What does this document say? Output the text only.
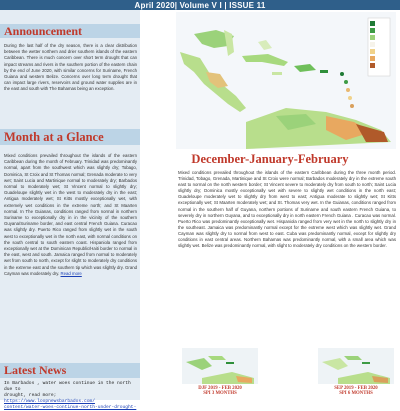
April 2020| Volume V I | ISSUE 11
Announcement
During the last half of the dry season, there is a clear distribution between the wetter northern and drier southern islands of the eastern Caribbean. There is much concern over short term drought that can impact streams and rivers in the southern portion of the eastern chain by the end of June 2020, with similar concerns for Suriname, French Guiana and western Belize. Concerns over long term drought that can impact large rivers, reservoirs and ground water supplies are in the east and south with The Bahamas being an exception.
Month at a Glance
Mixed conditions prevailed throughout the islands of the eastern Caribbean during the month of February. Trinidad was predominantly normal, apart from the southwest which was slightly dry; Tobago, Dominica, St Croix and St Thomas normal; Grenada moderate to very wet; Saint Lucia and Martinique normal to moderately dry; Barbados normal to moderately wet; St Vincent normal to slightly dry; Guadeloupe slightly wet in the west to moderately dry in the east; Antigua moderately wet; St Kitts mostly exceptionally wet, with extremely wet conditions in the extreme north; and St Maarten normal. In The Guianas, conditions ranged from normal in northern Suriname to exceptionally dry in in the vicinity of the southern Guyana/Suriname border, and east central French Guiana. Curacao was slightly dry. Puerto Rico ranged from slightly wet in the south west to exceptionally wet in the north east, with normal conditions on the south central to south eastern coast. Hispaniola ranged from exceptionally wet at the Dominican Republic/Haiti border to normal in the east, west and south. Jamaica ranged from normal to moderately wet from south to north, except for slight to moderately dry conditions in the extreme east and the southern tip which was slightly dry. Grand Cayman was moderately dry. Read more
Latest News
In Barbados , water woes continue in the north due to
drought, read more; https://www.loopnewsbarbados.com/
content/water-woes-continue-north-under-drought-
December-January-February
Mixed conditions prevailed throughout the islands of the eastern Caribbean during the three month period. Trinidad, Tobago, Grenada, Martinique and St Croix were normal; Barbados moderately dry in the extreme south east to normal on the north western border; St Vincent severe to moderately dry from south to north; Saint Lucia slightly dry; Dominica mostly exceptionally wet with severe to slightly wet conditions in the north east; Guadeloupe moderately wet to slightly dry from west to east; Antigua moderate to slightly wet; St Kitts exceptionally wet; St Maarten moderately wet; and St. Thomas very wet. In the Guianas, conditions ranged from normal in the southern half of Guyana, northern portions of Suriname and south eastern French Guiana, to severely dry in northern Guyana, and to exceptionally dry in north eastern French Guiana . Curacao was normal. Puerto Rico was predominantly exceptionally wet. Hispaniola ranged from very wet in the north to slightly dry in the southeast. Jamaica was predominantly normal except for the extreme west which was slightly wet. Grand Cayman was slightly dry to normal from west to east. Cuba was predominantly normal, except for slightly dry conditions in east central areas. Northern Bahamas was predominantly normal, with a small area which was slightly wet. Belize was predominantly normal, with slight to moderately dry conditions on the western border.
DJF 2019 - FEB 2020
SPI 3 MONTHS
SEP 2019 - FEB 2020
SPI 6 MONTHS
